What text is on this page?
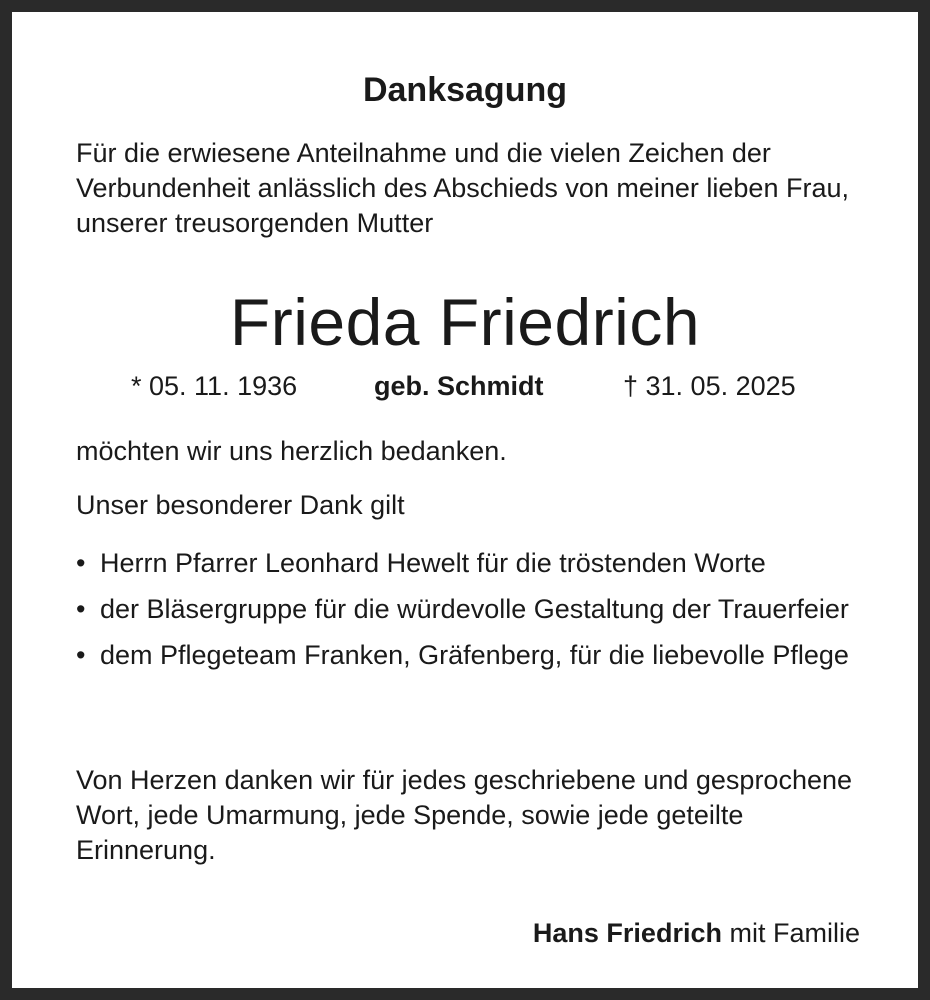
Danksagung
Für die erwiesene Anteilnahme und die vielen Zeichen der Verbundenheit anlässlich des Abschieds von meiner lieben Frau, unserer treusorgenden Mutter
Frieda Friedrich
* 05. 11. 1936	geb. Schmidt	† 31. 05. 2025
möchten wir uns herzlich bedanken.
Unser besonderer Dank gilt
• Herrn Pfarrer Leonhard Hewelt für die tröstenden Worte
• der Bläsergruppe für die würdevolle Gestaltung der Trauerfeier
• dem Pflegeteam Franken, Gräfenberg, für die liebevolle Pflege
Von Herzen danken wir für jedes geschriebene und gesprochene Wort, jede Umarmung, jede Spende, sowie jede geteilte Erinnerung.
Hans Friedrich mit Familie
